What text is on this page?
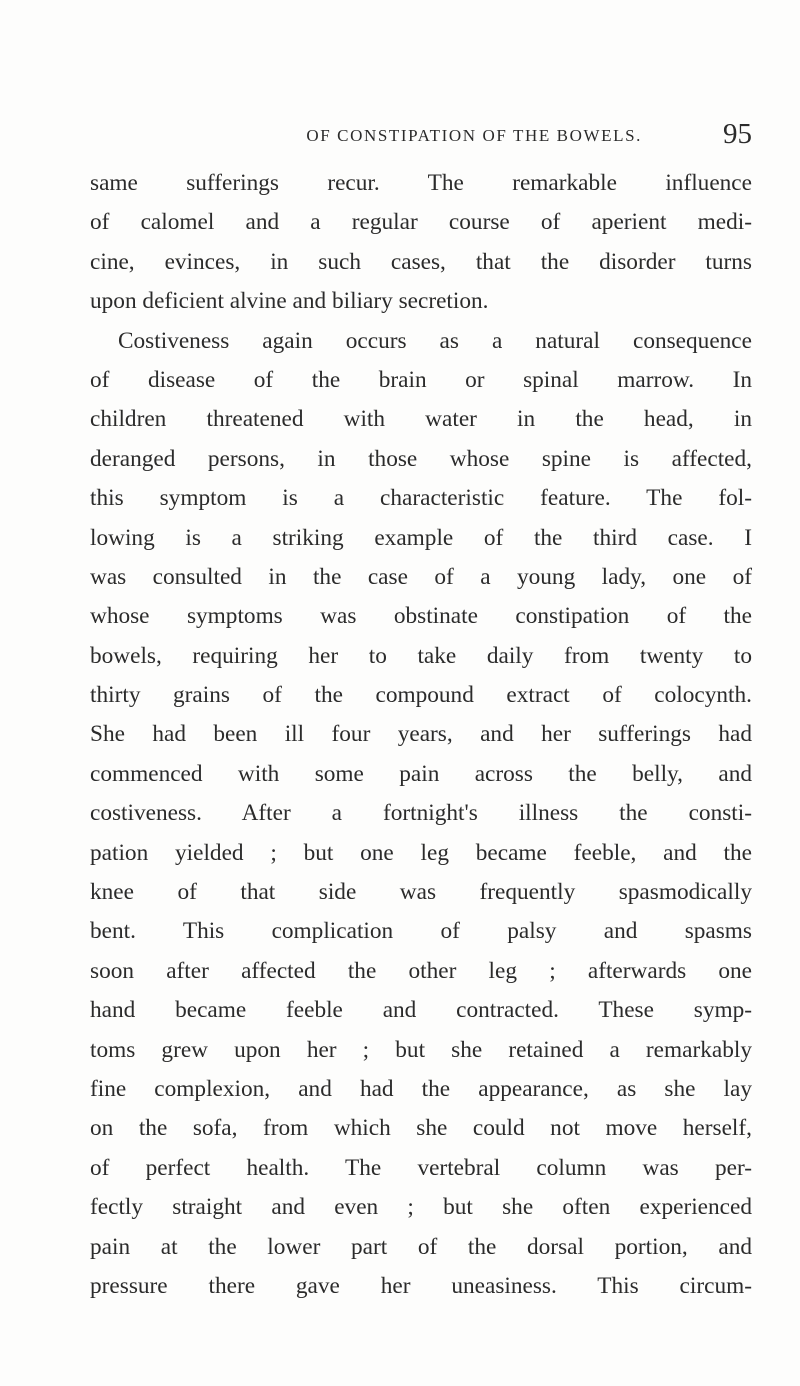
OF CONSTIPATION OF THE BOWELS.	95
same sufferings recur. The remarkable influence
of calomel and a regular course of aperient medi-
cine, evinces, in such cases, that the disorder turns
upon deficient alvine and biliary secretion.
Costiveness again occurs as a natural consequence
of disease of the brain or spinal marrow. In
children threatened with water in the head, in
deranged persons, in those whose spine is affected,
this symptom is a characteristic feature. The fol-
lowing is a striking example of the third case. I
was consulted in the case of a young lady, one of
whose symptoms was obstinate constipation of the
bowels, requiring her to take daily from twenty to
thirty grains of the compound extract of colocynth.
She had been ill four years, and her sufferings had
commenced with some pain across the belly, and
costiveness. After a fortnight's illness the consti-
pation yielded ; but one leg became feeble, and the
knee of that side was frequently spasmodically
bent. This complication of palsy and spasms
soon after affected the other leg ; afterwards one
hand became feeble and contracted. These symp-
toms grew upon her ; but she retained a remarkably
fine complexion, and had the appearance, as she lay
on the sofa, from which she could not move herself,
of perfect health. The vertebral column was per-
fectly straight and even ; but she often experienced
pain at the lower part of the dorsal portion, and
pressure there gave her uneasiness. This circum-
